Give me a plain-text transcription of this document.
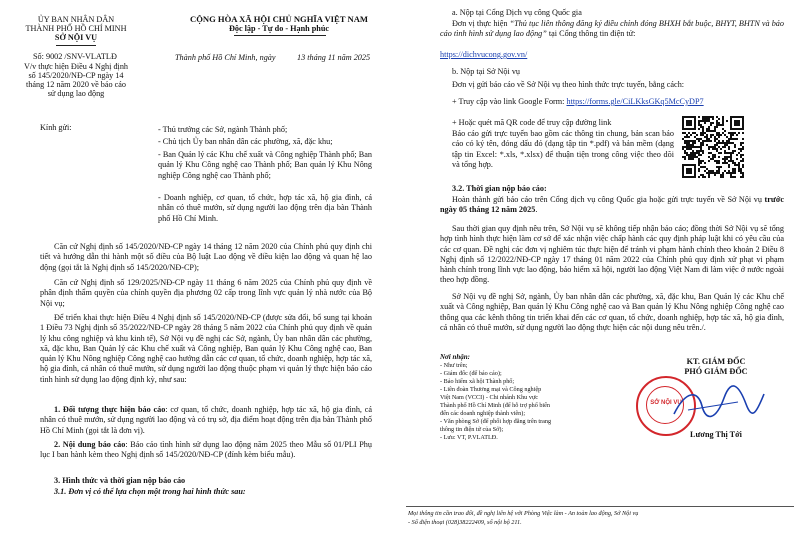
ỦY BAN NHÂN DÂN
THÀNH PHỐ HỒ CHÍ MINH
SỞ NỘI VỤ
CỘNG HÒA XÃ HỘI CHỦ NGHĨA VIỆT NAM
Độc lập - Tự do - Hạnh phúc
Số: 9002 /SNV-VLATLĐ
V/v thực hiện Điều 4 Nghị định
số 145/2020/NĐ-CP ngày 14
tháng 12 năm 2020 về báo cáo
sử dụng lao động
Thành phố Hồ Chí Minh, ngày	13 tháng 11 năm 2025
Kính gửi:	- Thủ trưởng các Sở, ngành Thành phố;
- Chủ tịch Ủy ban nhân dân các phường, xã, đặc khu;
- Ban Quản lý các Khu chế xuất và Công nghiệp Thành phố; Ban quản lý Khu Công nghệ cao Thành phố; Ban quản lý Khu Nông nghiệp Công nghệ cao Thành phố;
- Doanh nghiệp, cơ quan, tổ chức, hợp tác xã, hộ gia đình, cá nhân có thuê mướn, sử dụng người lao động trên địa bàn Thành phố Hồ Chí Minh.

Căn cứ Nghị định số 145/2020/NĐ-CP ngày 14 tháng 12 năm 2020 của Chính phủ quy định chi tiết và hướng dẫn thi hành một số điều của Bộ luật Lao động về điều kiện lao động và quan hệ lao động (gọi tắt là Nghị định số 145/2020/NĐ-CP);

Căn cứ Nghị định số 129/2025/NĐ-CP ngày 11 tháng 6 năm 2025 của Chính phủ quy định về phân định thẩm quyền của chính quyền địa phương 02 cấp trong lĩnh vực quản lý nhà nước của Bộ Nội vụ;

Để triển khai thực hiện Điều 4 Nghị định số 145/2020/NĐ-CP (được sửa đổi, bổ sung tại khoản 1 Điều 73 Nghị định số 35/2022/NĐ-CP ngày 28 tháng 5 năm 2022 của Chính phủ quy định về quản lý khu công nghiệp và khu kinh tế), Sở Nội vụ đề nghị các Sở, ngành, Ủy ban nhân dân các phường, xã, đặc khu, Ban Quản lý các Khu chế xuất và Công nghiệp, Ban quản lý Khu Công nghệ cao, Ban quản lý Khu Nông nghiệp Công nghệ cao hướng dẫn các cơ quan, tổ chức, doanh nghiệp, hợp tác xã, hộ gia đình, cá nhân có thuê mướn, sử dụng người lao động thuộc phạm vi quản lý thực hiện báo cáo tình hình sử dụng lao động định kỳ, như sau:

1. Đối tượng thực hiện báo cáo: cơ quan, tổ chức, doanh nghiệp, hợp tác xã, hộ gia đình, cá nhân có thuê mướn, sử dụng người lao động và có trụ sở, địa điểm hoạt động trên địa bàn Thành phố Hồ Chí Minh (gọi tắt là đơn vị).

2. Nội dung báo cáo: Báo cáo tình hình sử dụng lao động năm 2025 theo Mẫu số 01/PLI Phụ lục I ban hành kèm theo Nghị định số 145/2020/NĐ-CP (đính kèm biểu mẫu).

3. Hình thức và thời gian nộp báo cáo
3.1. Đơn vị có thể lựa chọn một trong hai hình thức sau:
a. Nộp tại Cổng Dịch vụ công Quốc gia

Đơn vị thực hiện “Thủ tục liên thông đăng ký điều chỉnh đóng BHXH bắt buộc, BHYT, BHTN và báo cáo tình hình sử dụng lao động” tại Cổng thông tin điện tử:

https://dichvucong.gov.vn/
b. Nộp tại Sở Nội vụ
Đơn vị gửi báo cáo về Sở Nội vụ theo hình thức trực tuyến, bằng cách:
+ Truy cập vào link Google Form: https://forms.gle/CiLKksGKq5McCyDP7
+ Hoặc quét mã QR code để truy cập đường link

Báo cáo gửi trực tuyến bao gồm các thông tin chung, bản scan báo cáo có ký tên, đóng dấu đỏ (dạng tập tin *.pdf) và bản mềm (dạng tập tin Excel: *.xls, *.xlsx) để thuận tiện trong công việc theo dõi và tổng hợp.

3.2. Thời gian nộp báo cáo:

Hoàn thành gửi báo cáo trên Cổng dịch vụ công Quốc gia hoặc gửi trực tuyến về Sở Nội vụ trước ngày 05 tháng 12 năm 2025.

Sau thời gian quy định nêu trên, Sở Nội vụ sẽ không tiếp nhận báo cáo; đồng thời Sở Nội vụ sẽ tổng hợp tình hình thực hiện làm cơ sở để xác nhận việc chấp hành các quy định pháp luật khi có yêu cầu của các cơ quan. Đề nghị các đơn vị nghiêm túc thực hiện để tránh vi phạm hành chính theo khoản 2 Điều 8 Nghị định số 12/2022/NĐ-CP ngày 17 tháng 01 năm 2022 của Chính phủ quy định xử phạt vi phạm hành chính trong lĩnh vực lao động, bảo hiểm xã hội, người lao động Việt Nam đi làm việc ở nước ngoài theo hợp đồng.

Sở Nội vụ đề nghị Sở, ngành, Ủy ban nhân dân các phường, xã, đặc khu, Ban Quản lý các Khu chế xuất và Công nghiệp, Ban quản lý Khu Công nghệ cao và Ban quản lý Khu Nông nghiệp Công nghệ cao thông qua các kênh thông tin triển khai đến các cơ quan, tổ chức, doanh nghiệp, hợp tác xã, hộ gia đình, cá nhân có thuê mướn, sử dụng người lao động thực hiện các nội dung nêu trên./.

Nơi nhận:
- Như trên;
- Giám đốc (để báo cáo);
- Bảo hiểm xã hội Thành phố;
- Liên đoàn Thương mại và Công nghiệp
Việt Nam (VCCI) - Chi nhánh Khu vực
Thành phố Hồ Chí Minh (để hỗ trợ phổ biến
đến các doanh nghiệp thành viên);
- Văn phòng Sở (để phối hợp đăng trên trang
thông tin điện tử của Sở);
- Lưu: VT, P.VLATLĐ.
KT. GIÁM ĐỐC
PHÓ GIÁM ĐỐC
SỞ NỘI VỤ
Lương Thị Tới
Mọi thông tin cần trao đổi, đề nghị liên hệ với Phòng Việc làm - An toàn lao động, Sở Nội vụ
- Số điện thoại (028)38222409, số nội bộ 211.
